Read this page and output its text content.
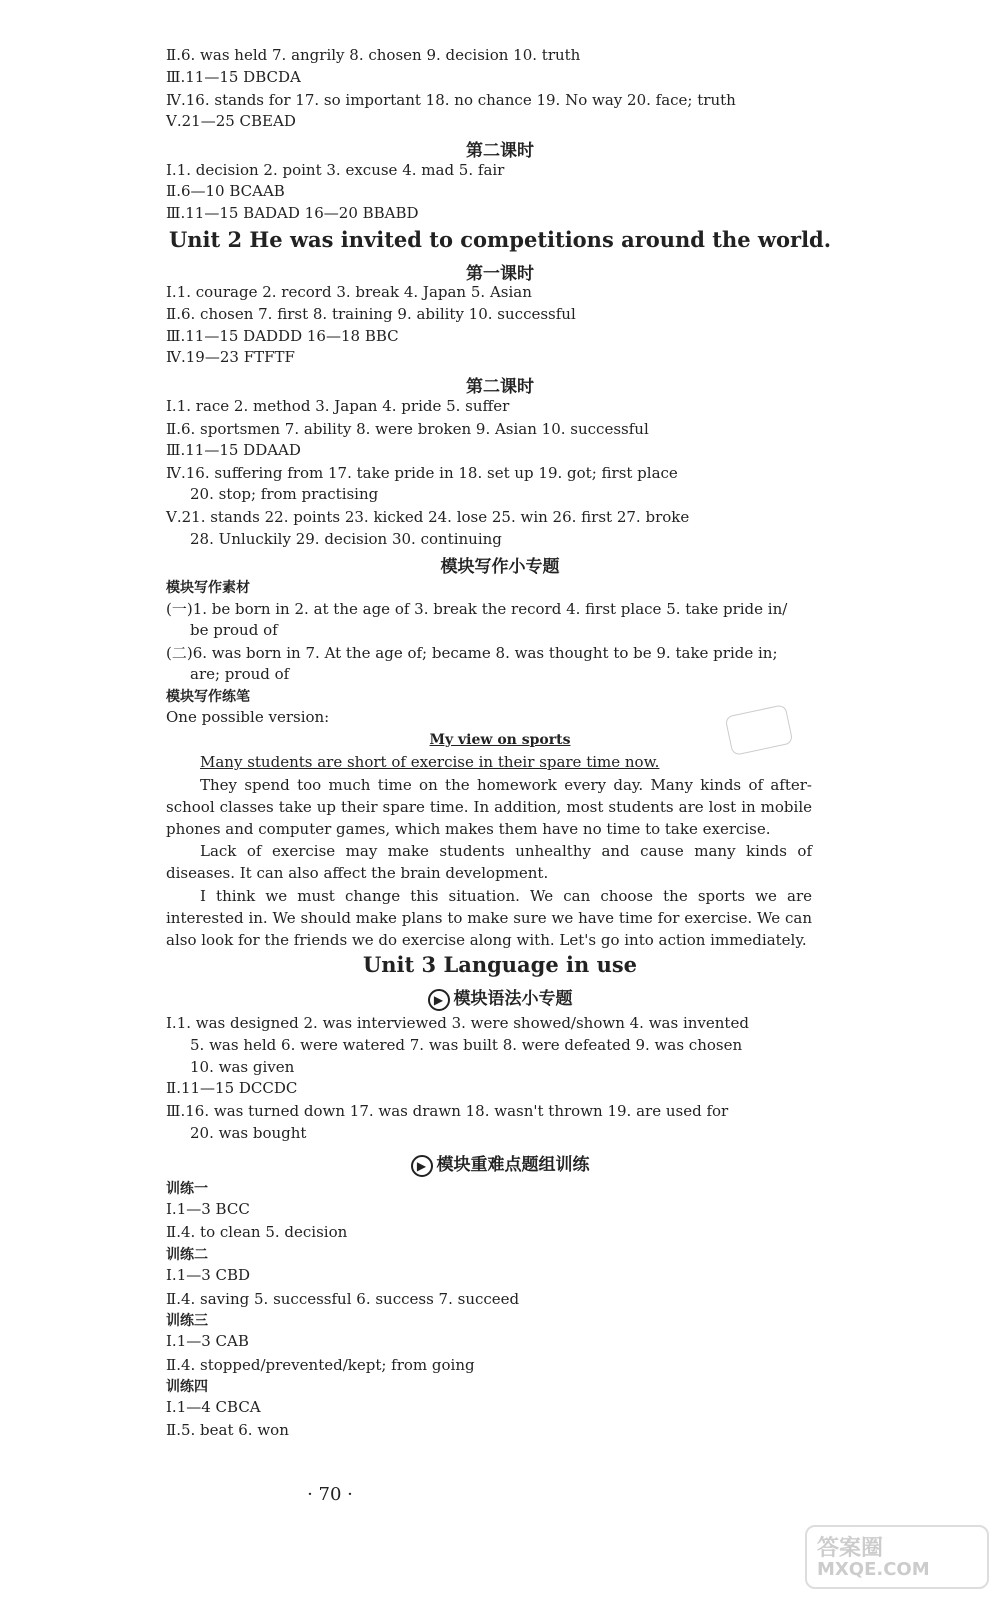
Ⅱ.6. was held 7. angrily 8. chosen 9. decision 10. truth
Ⅲ.11—15 DBCDA
Ⅳ.16. stands for 17. so important 18. no chance 19. No way 20. face; truth
Ⅴ.21—25 CBEAD
第二课时
Ⅰ.1. decision 2. point 3. excuse 4. mad 5. fair
Ⅱ.6—10 BCAAB
Ⅲ.11—15 BADAD 16—20 BBABD
Unit 2 He was invited to competitions around the world.
第一课时
Ⅰ.1. courage 2. record 3. break 4. Japan 5. Asian
Ⅱ.6. chosen 7. first 8. training 9. ability 10. successful
Ⅲ.11—15 DADDD 16—18 BBC
Ⅳ.19—23 FTFTF
第二课时
Ⅰ.1. race 2. method 3. Japan 4. pride 5. suffer
Ⅱ.6. sportsmen 7. ability 8. were broken 9. Asian 10. successful
Ⅲ.11—15 DDAAD
Ⅳ.16. suffering from 17. take pride in 18. set up 19. got; first place
20. stop; from practising
Ⅴ.21. stands 22. points 23. kicked 24. lose 25. win 26. first 27. broke
28. Unluckily 29. decision 30. continuing
模块写作小专题
模块写作素材
(一)1. be born in 2. at the age of 3. break the record 4. first place 5. take pride in/
be proud of
(二)6. was born in 7. At the age of; became 8. was thought to be 9. take pride in;
are; proud of
模块写作练笔
One possible version:
My view on sports
Many students are short of exercise in their spare time now.
They spend too much time on the homework every day. Many kinds of after-school classes take up their spare time. In addition, most students are lost in mobile phones and computer games, which makes them have no time to take exercise.
Lack of exercise may make students unhealthy and cause many kinds of diseases. It can also affect the brain development.
I think we must change this situation. We can choose the sports we are interested in. We should make plans to make sure we have time for exercise. We can also look for the friends we do exercise along with. Let's go into action immediately.
Unit 3 Language in use
▶ 模块语法小专题
Ⅰ.1. was designed 2. was interviewed 3. were showed/shown 4. was invented
5. was held 6. were watered 7. was built 8. were defeated 9. was chosen
10. was given
Ⅱ.11—15 DCCDC
Ⅲ.16. was turned down 17. was drawn 18. wasn't thrown 19. are used for
20. was bought
▶ 模块重难点题组训练
训练一
Ⅰ.1—3 BCC
Ⅱ.4. to clean 5. decision
训练二
Ⅰ.1—3 CBD
Ⅱ.4. saving 5. successful 6. success 7. succeed
训练三
Ⅰ.1—3 CAB
Ⅱ.4. stopped/prevented/kept; from going
训练四
Ⅰ.1—4 CBCA
Ⅱ.5. beat 6. won
· 70 ·
答案圈
MXQE.COM
